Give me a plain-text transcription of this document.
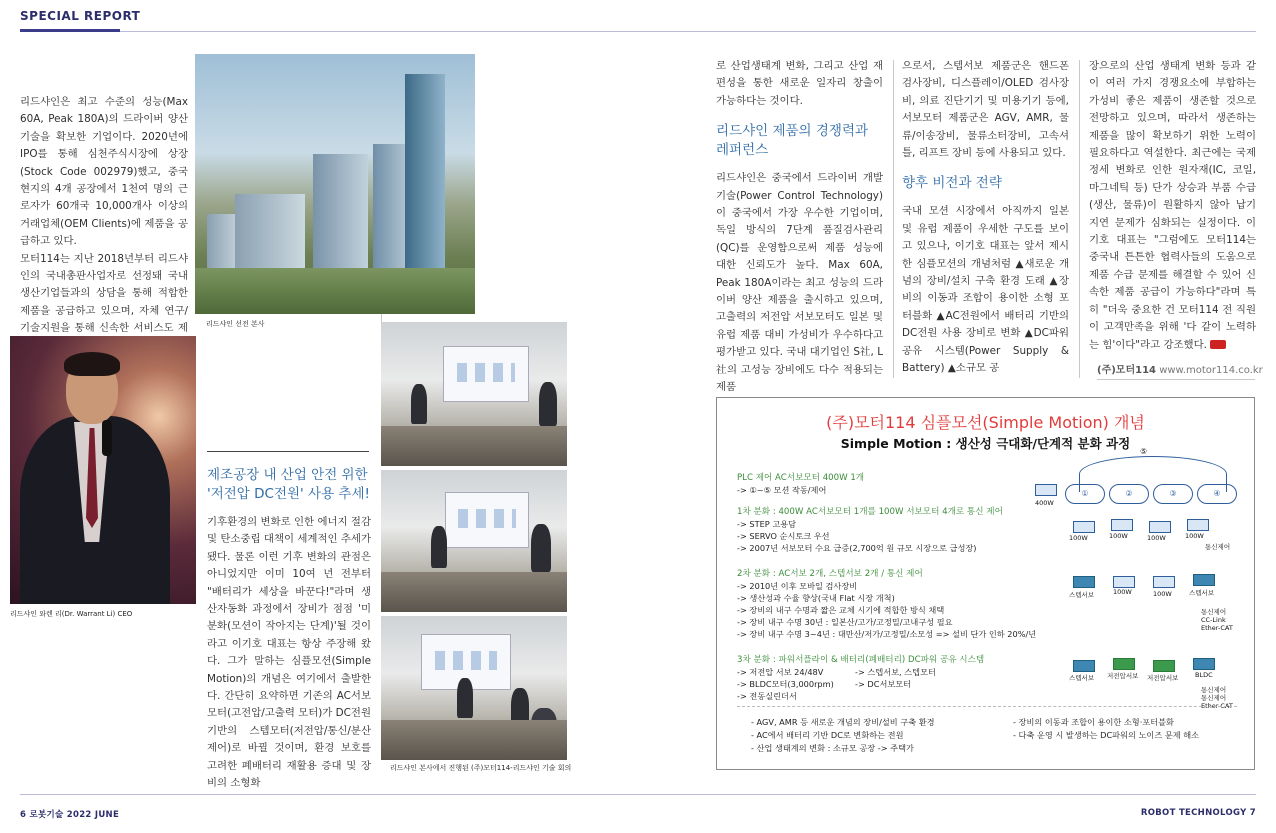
SPECIAL REPORT

리드샤인은 최고 수준의 성능(Max 60A, Peak 180A)의 드라이버 양산기술을 확보한 기업이다. 2020년에 IPO를 통해 심천주식시장에 상장(Stock Code 002979)했고, 중국 현지의 4개 공장에서 1천여 명의 근로자가 60개국 10,000개사 이상의 거래업체(OEM Clients)에 제품을 공급하고 있다.

모터114는 지난 2018년부터 리드샤인의 국내총판사업자로 선정돼 국내 생산기업들과의 상담을 통해 적합한 제품을 공급하고 있으며, 자체 연구/기술지원을 통해 신속한 서비스도 제	리드샤인 선전 본사
리드샤인 와렌 리(Dr. Warrant Li) CEO
제조공장 내 산업 안전 위한 '저전압 DC전원' 사용 추세!

기후환경의 변화로 인한 에너지 절감 및 탄소중립 대책이 세계적인 추세가 됐다. 물론 이런 기후 변화의 관점은 아니었지만 이미 10여 년 전부터 "배터리가 세상을 바꾼다!"라며 생산자동화 과정에서 장비가 점점 '미분화(모션이 작아지는 단계)'될 것이라고 이기호 대표는 항상 주장해 왔다. 그가 말하는 심플모션(Simple Motion)의 개념은 여기에서 출발한다. 간단히 요약하면 기존의 AC서보모터(고전압/고출력 모터)가 DC전원 기반의 스텝모터(저전압/통신/분산제어)로 바뀔 것이며, 환경 보호를 고려한 폐배터리 재활용 증대 및 장비의 소형화

리드샤인 본사에서 진행된 (주)모터114-리드샤인 기술 회의

로 산업생태계 변화, 그리고 산업 재편성을 통한 새로운 일자리 창출이 가능하다는 것이다.

리드샤인 제품의 경쟁력과 레퍼런스

리드샤인은 중국에서 드라이버 개발기술(Power Control Technology)이 중국에서 가장 우수한 기업이며, 독일 방식의 7단계 품질검사관리(QC)를 운영함으로써 제품 성능에 대한 신뢰도가 높다. Max 60A, Peak 180A이라는 최고 성능의 드라이버 양산 제품을 출시하고 있으며, 고출력의 저전압 서보모터도 일본 및 유럽 제품 대비 가성비가 우수하다고 평가받고 있다. 국내 대기업인 S社, L社의 고성능 장비에도 다수 적용되는 제품

으로서, 스텝서보 제품군은 핸드폰 검사장비, 디스플레이/OLED 검사장비, 의료 진단기기 및 미용기기 등에, 서보모터 제품군은 AGV, AMR, 물류/이송장비, 물류소터장비, 고속셔틀, 리프트 장비 등에 사용되고 있다.

향후 비전과 전략

국내 모션 시장에서 아직까지 일본 및 유럽 제품이 우세한 구도를 보이고 있으나, 이기호 대표는 앞서 제시한 심플모션의 개념처럼 ▲새로운 개념의 장비/설치 구축 환경 도래 ▲장비의 이동과 조합이 용이한 소형 포터블화 ▲AC전원에서 배터리 기반의 DC전원 사용 장비로 변화 ▲DC파워 공유 시스템(Power Supply & Battery) ▲소규모 공

장으로의 산업 생태계 변화 등과 같이 여러 가지 경쟁요소에 부합하는 가성비 좋은 제품이 생존할 것으로 전망하고 있으며, 따라서 생존하는 제품을 많이 확보하기 위한 노력이 필요하다고 역설한다. 최근에는 국제정세 변화로 인한 원자재(IC, 코일, 마그네틱 등) 단가 상승과 부품 수급(생산, 물류)이 원활하지 않아 납기 지연 문제가 심화되는 실정이다. 이기호 대표는 "그럼에도 모터114는 중국내 튼튼한 협력사들의 도움으로 제품 수급 문제를 해결할 수 있어 신속한 제품 공급이 가능하다"라며 특히 "더욱 중요한 건 모터114 전 직원이 고객만족을 위해 '다 같이 노력하는 힘'이다"라고 강조했다.

(주)모터114 www.motor114.co.kr
(주)모터114 심플모션(Simple Motion) 개념
Simple Motion : 생산성 극대화/단계적 분화 과정
PLC 제어 AC서보모터 400W 1개
-> ①~⑤ 모션 작동/제어
1차 분화 : 400W AC서보모터 1개를 100W 서보모터 4개로 통신 제어
-> STEP 고용담
-> SERVO 순시토크 우선
-> 2007년 서보모터 수요 급증(2,700억 원 규모 시장으로 급성장)
2차 분화 : AC서보 2개, 스텝서보 2개 / 통신 제어
-> 2010년 이후 모바일 검사장비
-> 생산성과 수율 향상(국내 Flat 시장 개척)
-> 장비의 내구 수명과 짧은 교체 시기에 적합한 방식 채택
-> 장비 내구 수명 30년 : 일본산/고가/고정밀/고내구성 필요
-> 장비 내구 수명 3~4년 : 대만산/저가/고정밀/소모성 => 설비 단가 인하 20%/년
3차 분화 : 파워서플라이 & 배터리(폐배터리) DC파워 공유 시스템
-> 저전압 서보 24/48V
-> BLDC모터(3,000rpm)
-> 전동실린더서
-> 스텝서보, 스텝모터
-> DC서보모터
⑤
400W
①	②	③	④
100W	100W	100W	100W
통신제어
스텝서보	100W	100W	스텝서보
통신제어
CC-Link
Ether-CAT
스텝서보 저전압서보 저전압서보	BLDC
통신제어
통신제어
Ether-CAT
- AGV, AMR 등 새로운 개념의 장비/설비 구축 환경
- AC에서 배터리 기반 DC로 변화하는 전원
- 산업 생태계의 변화 : 소규모 공장 -> 주택가
- 장비의 이동과 조합이 용이한 소형·포터블화
- 다축 운영 시 발생하는 DC파워의 노이즈 문제 해소
6 로봇기술 2022 JUNE	ROBOT TECHNOLOGY 7
